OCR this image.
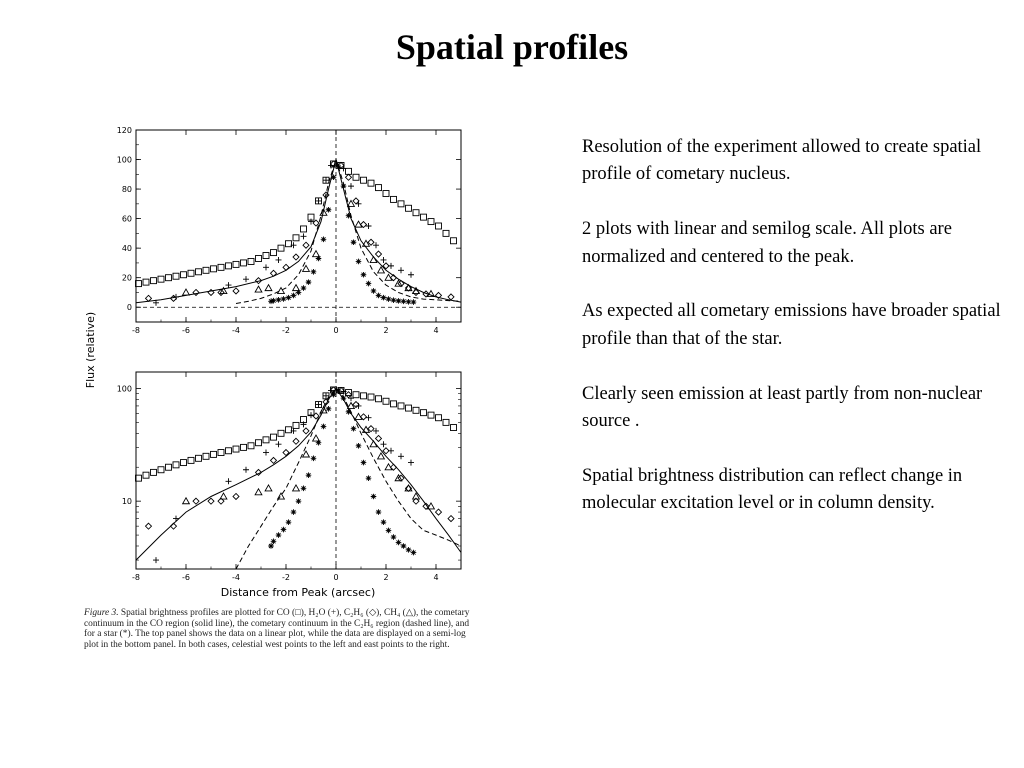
Spatial profiles
-8	-6	-4	-2	0	2	4
0
20
40
60
80
100
120
-8	-6	-4	-2	0	2	4
10
100
Distance from Peak (arcsec)
Flux (relative)
Figure 3. Spatial brightness profiles are plotted for CO (□), H₂O (+), C₂H₆ (◇), CH₄ (△), the cometary continuum in the CO region (solid line), the cometary continuum in the C₂H₆ region (dashed line), and for a star (*). The top panel shows the data on a linear plot, while the data are displayed on a semi-log plot in the bottom panel. In both cases, celestial west points to the left and east points to the right.

Resolution of the experiment allowed to create spatial profile of cometary nucleus.

2 plots with linear and semilog scale. All plots are normalized and centered to the peak.

As expected all cometary emissions have broader spatial profile than that of the star.

Clearly seen emission at least partly from non-nuclear source .

Spatial brightness distribution can reflect change in molecular excitation level or in column density.
